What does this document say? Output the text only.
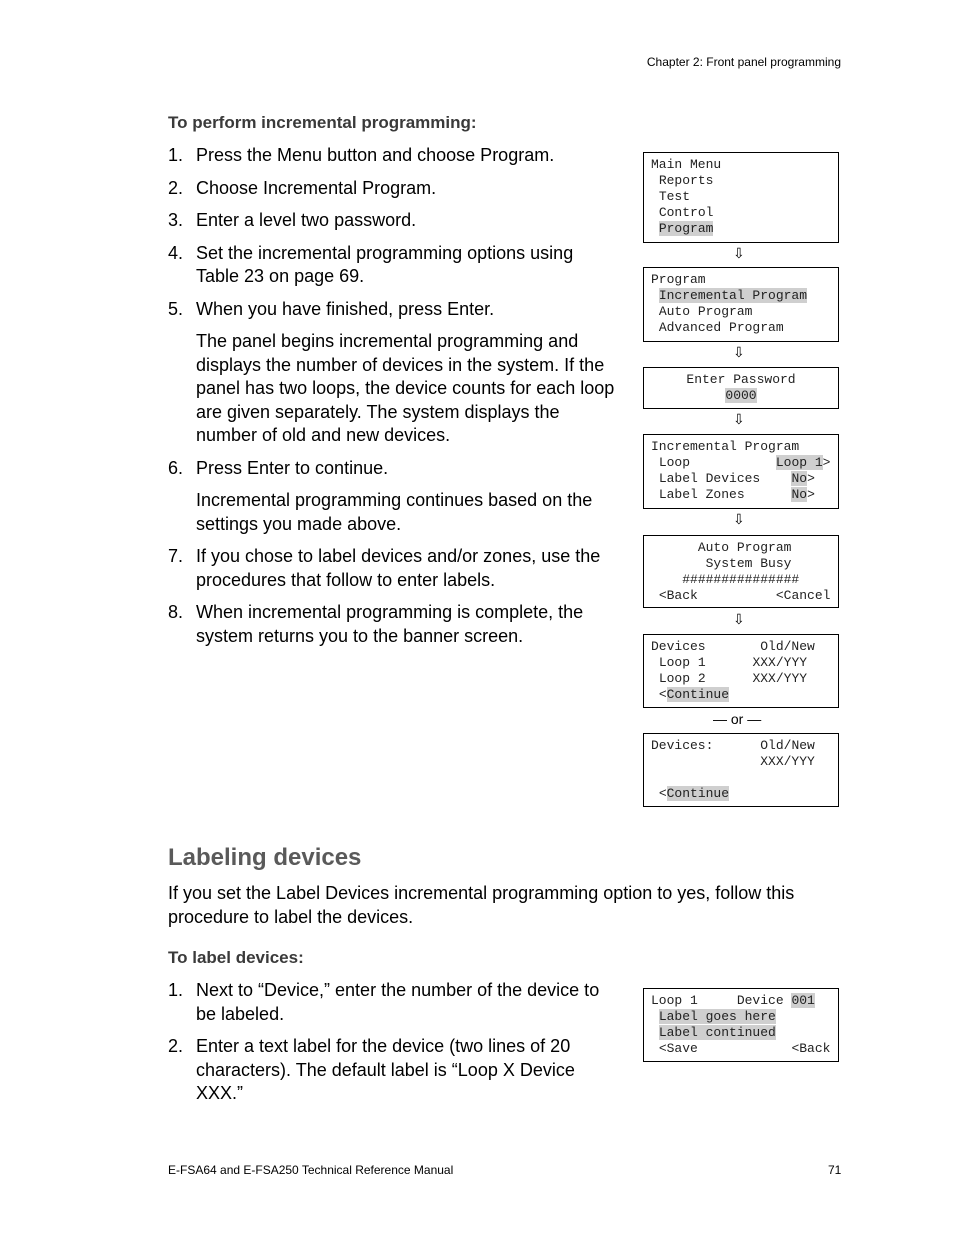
Chapter 2: Front panel programming
To perform incremental programming:
1. Press the Menu button and choose Program.
2. Choose Incremental Program.
3. Enter a level two password.
4. Set the incremental programming options using Table 23 on page 69.
5. When you have finished, press Enter.

The panel begins incremental programming and displays the number of devices in the system. If the panel has two loops, the device counts for each loop are given separately. The system displays the number of old and new devices.

6. Press Enter to continue.

Incremental programming continues based on the settings you made above.

7. If you chose to label devices and/or zones, use the procedures that follow to enter labels.
8. When incremental programming is complete, the system returns you to the banner screen.
Main Menu
Reports
Test
Control
Program
⇩
Program
Incremental Program
Auto Program
Advanced Program
⇩
Enter Password
0000
⇩
Incremental Program
Loop	Loop 1>
Label Devices No>
Label Zones	No>
⇩
Auto Program
System Busy
###############
<Back	<Cancel
⇩
Devices	Old/New
Loop 1	XXX/YYY
Loop 2	XXX/YYY
<Continue
— or —
Devices:	Old/New
XXX/YYY

<Continue
Labeling devices

If you set the Label Devices incremental programming option to yes, follow this procedure to label the devices.

To label devices:
1. Next to “Device,” enter the number of the device to be labeled.
2. Enter a text label for the device (two lines of 20 characters). The default label is “Loop X Device XXX.”
Loop 1	Device 001
Label goes here
Label continued
<Save	<Back
E-FSA64 and E-FSA250 Technical Reference Manual	71
